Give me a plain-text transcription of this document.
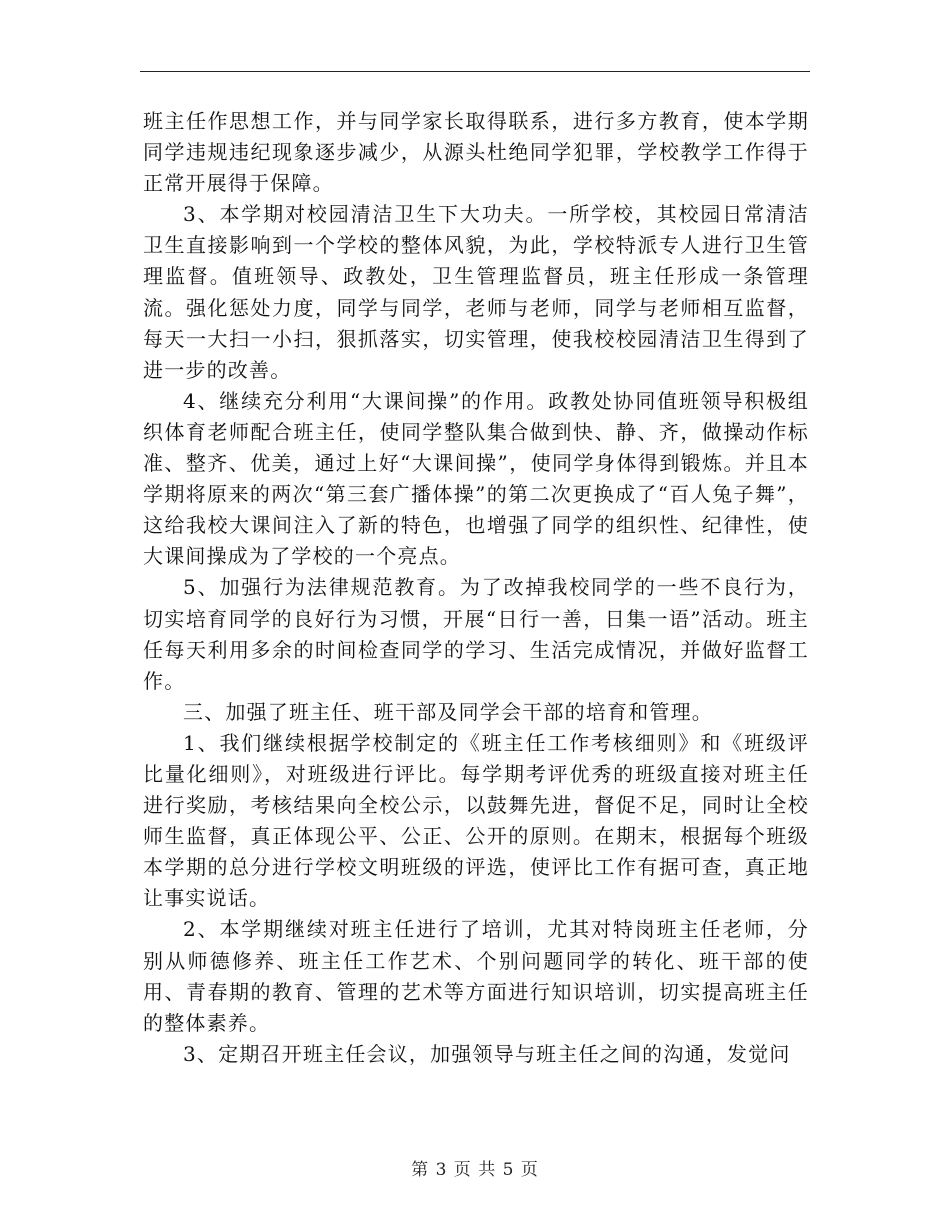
班主任作思想工作，并与同学家长取得联系，进行多方教育，使本学期同学违规违纪现象逐步减少，从源头杜绝同学犯罪，学校教学工作得于正常开展得于保障。

3、本学期对校园清洁卫生下大功夫。一所学校，其校园日常清洁卫生直接影响到一个学校的整体风貌，为此，学校特派专人进行卫生管理监督。值班领导、政教处，卫生管理监督员，班主任形成一条管理流。强化惩处力度，同学与同学，老师与老师，同学与老师相互监督，每天一大扫一小扫，狠抓落实，切实管理，使我校校园清洁卫生得到了进一步的改善。

4、继续充分利用“大课间操”的作用。政教处协同值班领导积极组织体育老师配合班主任，使同学整队集合做到快、静、齐，做操动作标准、整齐、优美，通过上好“大课间操”，使同学身体得到锻炼。并且本学期将原来的两次“第三套广播体操”的第二次更换成了“百人兔子舞”，这给我校大课间注入了新的特色，也增强了同学的组织性、纪律性，使大课间操成为了学校的一个亮点。

5、加强行为法律规范教育。为了改掉我校同学的一些不良行为，切实培育同学的良好行为习惯，开展“日行一善，日集一语”活动。班主任每天利用多余的时间检查同学的学习、生活完成情况，并做好监督工作。

三、加强了班主任、班干部及同学会干部的培育和管理。

1、我们继续根据学校制定的《班主任工作考核细则》和《班级评比量化细则》，对班级进行评比。每学期考评优秀的班级直接对班主任进行奖励，考核结果向全校公示，以鼓舞先进，督促不足，同时让全校师生监督，真正体现公平、公正、公开的原则。在期末，根据每个班级本学期的总分进行学校文明班级的评选，使评比工作有据可查，真正地让事实说话。

2、本学期继续对班主任进行了培训，尤其对特岗班主任老师，分别从师德修养、班主任工作艺术、个别问题同学的转化、班干部的使用、青春期的教育、管理的艺术等方面进行知识培训，切实提高班主任的整体素养。

3、定期召开班主任会议，加强领导与班主任之间的沟通，发觉问

第 3 页 共 5 页
